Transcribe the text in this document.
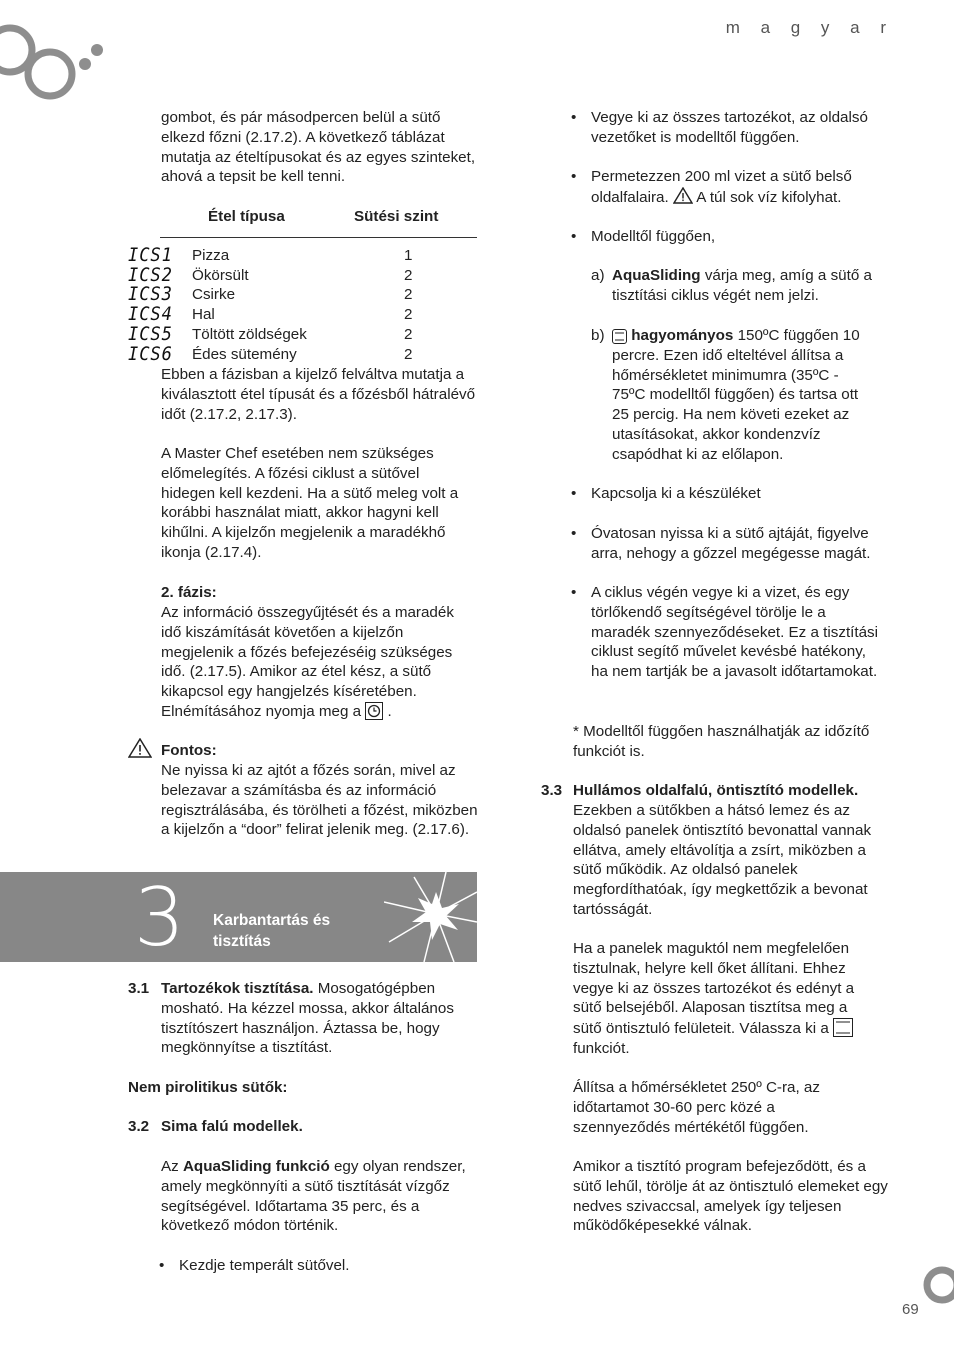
m a g y a r
69

gombot, és pár másodpercen belül a sütő elkezd főzni (2.17.2). A következő táblázat mutatja az ételtípusokat és az egyes szinteket, ahová a tepsit be kell tenni.

Étel típusa	Sütési szint
ICS1 Pizza	1
ICS2 Ökörsült	2
ICS3 Csirke	2
ICS4 Hal	2
ICS5 Töltött zöldségek	2
ICS6 Édes sütemény	2

Ebben a fázisban a kijelző felváltva mutatja a kiválasztott étel típusát és a főzésből hátralévő időt (2.17.2, 2.17.3).

A Master Chef esetében nem szükséges előmelegítés. A főzési ciklust a sütővel hidegen kell kezdeni. Ha a sütő meleg volt a korábbi használat miatt, akkor hagyni kell kihűlni. A kijelzőn megjelenik a maradékhő ikonja (2.17.4).

2. fázis:

Az információ összegyűjtését és a maradék idő kiszámítását követően a kijelzőn megjelenik a főzés befejezéséig szükséges idő. (2.17.5). Amikor az étel kész, a sütő kikapcsol egy hangjelzés kíséretében. Elnémításához nyomja meg a .

Fontos:

Ne nyissa ki az ajtót a főzés során, mivel az belezavar a számításba és az információ regisztrálásába, és törölheti a főzést, miközben a kijelzőn a “door” felirat jelenik meg. (2.17.6).

3 Karbantartás és
tisztítás
3.1 Tartozékok tisztítása. Mosogatógépben mosható. Ha kézzel mossa, akkor általános tisztítószert használjon. Áztassa be, hogy megkönnyítse a tisztítást.

Nem pirolitikus sütők:

3.2 Sima falú modellek.

Az AquaSliding funkció egy olyan rendszer, amely megkönnyíti a sütő tisztítását vízgőz segítségével. Időtartama 35 perc, és a következő módon történik.

• Kezdje temperált sütővel.

• Vegye ki az összes tartozékot, az oldalsó vezetőket is modelltől függően.

• Permetezzen 200 ml vizet a sütő belső oldalfalaira.  A túl sok víz kifolyhat.

• Modelltől függően,

a) AquaSliding várja meg, amíg a sütő a tisztítási ciklus végét nem jelzi.

b)	hagyományos 150ºC függően 10 percre. Ezen idő elteltével állítsa a hőmérsékletet minimumra (35ºC - 75ºC modelltől függően) és tartsa ott 25 percig. Ha nem követi ezeket az utasításokat, akkor kondenzvíz csapódhat ki az előlapon.

• Kapcsolja ki a készüléket

• Óvatosan nyissa ki a sütő ajtáját, figyelve arra, nehogy a gőzzel megégesse magát.

• A ciklus végén vegye ki a vizet, és egy törlőkendő segítségével törölje le a maradék szennyeződéseket. Ez a tisztítási ciklust segítő művelet kevésbé hatékony, ha nem tartják be a javasolt időtartamokat.

* Modelltől függően használhatják az időzítő funkciót is.

3.3 Hullámos oldalfalú, öntisztító modellek.

Ezekben a sütőkben a hátsó lemez és az oldalsó panelek öntisztító bevonattal vannak ellátva, amely eltávolítja a zsírt, miközben a sütő működik. Az oldalsó panelek megfordíthatóak, így megkettőzik a bevonat tartósságát.

Ha a panelek maguktól nem megfelelően tisztulnak, helyre kell őket állítani. Ehhez vegye ki az összes tartozékot és edényt a sütő belsejéből. Alaposan tisztítsa meg a sütő öntisztuló felületeit. Válassza ki a

funkciót.

Állítsa a hőmérsékletet 250º C-ra, az időtartamot 30-60 perc közé a szennyeződés mértékétől függően.

Amikor a tisztító program befejeződött, és a sütő lehűl, törölje át az öntisztuló elemeket egy nedves szivaccsal, amelyek így teljesen működőképesekké válnak.
